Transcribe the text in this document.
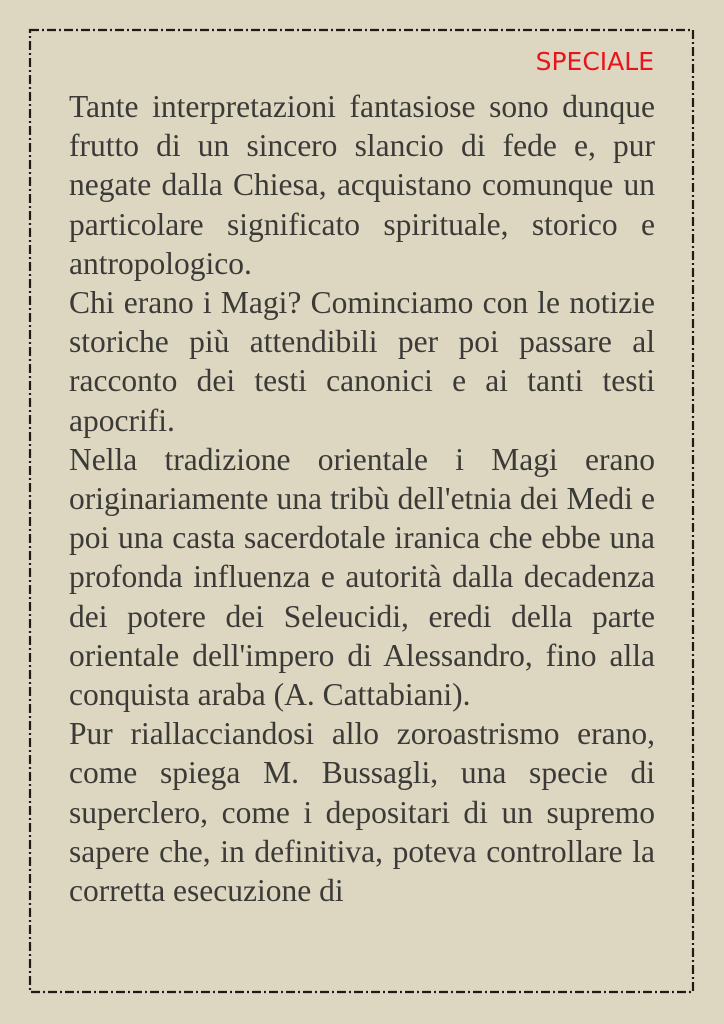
SPECIALE

Tante interpretazioni fantasiose sono dunque frutto di un sincero slancio di fede e, pur negate dalla Chiesa, acquistano comunque un particolare significato spirituale, storico e antropologico.

Chi erano i Magi? Cominciamo con le notizie storiche più attendibili per poi passare al racconto dei testi canonici e ai tanti testi apocrifi.

Nella tradizione orientale i Magi erano originariamente una tribù dell'etnia dei Medi e poi una casta sacerdotale iranica che ebbe una profonda influenza e autorità dalla decadenza dei potere dei Seleucidi, eredi della parte orientale dell'impero di Alessandro, fino alla conquista araba (A. Cattabiani).

Pur riallacciandosi allo zoroastrismo erano, come spiega M. Bussagli, una specie di superclero, come i depositari di un supremo sapere che, in definitiva, poteva controllare la corretta esecuzione di
